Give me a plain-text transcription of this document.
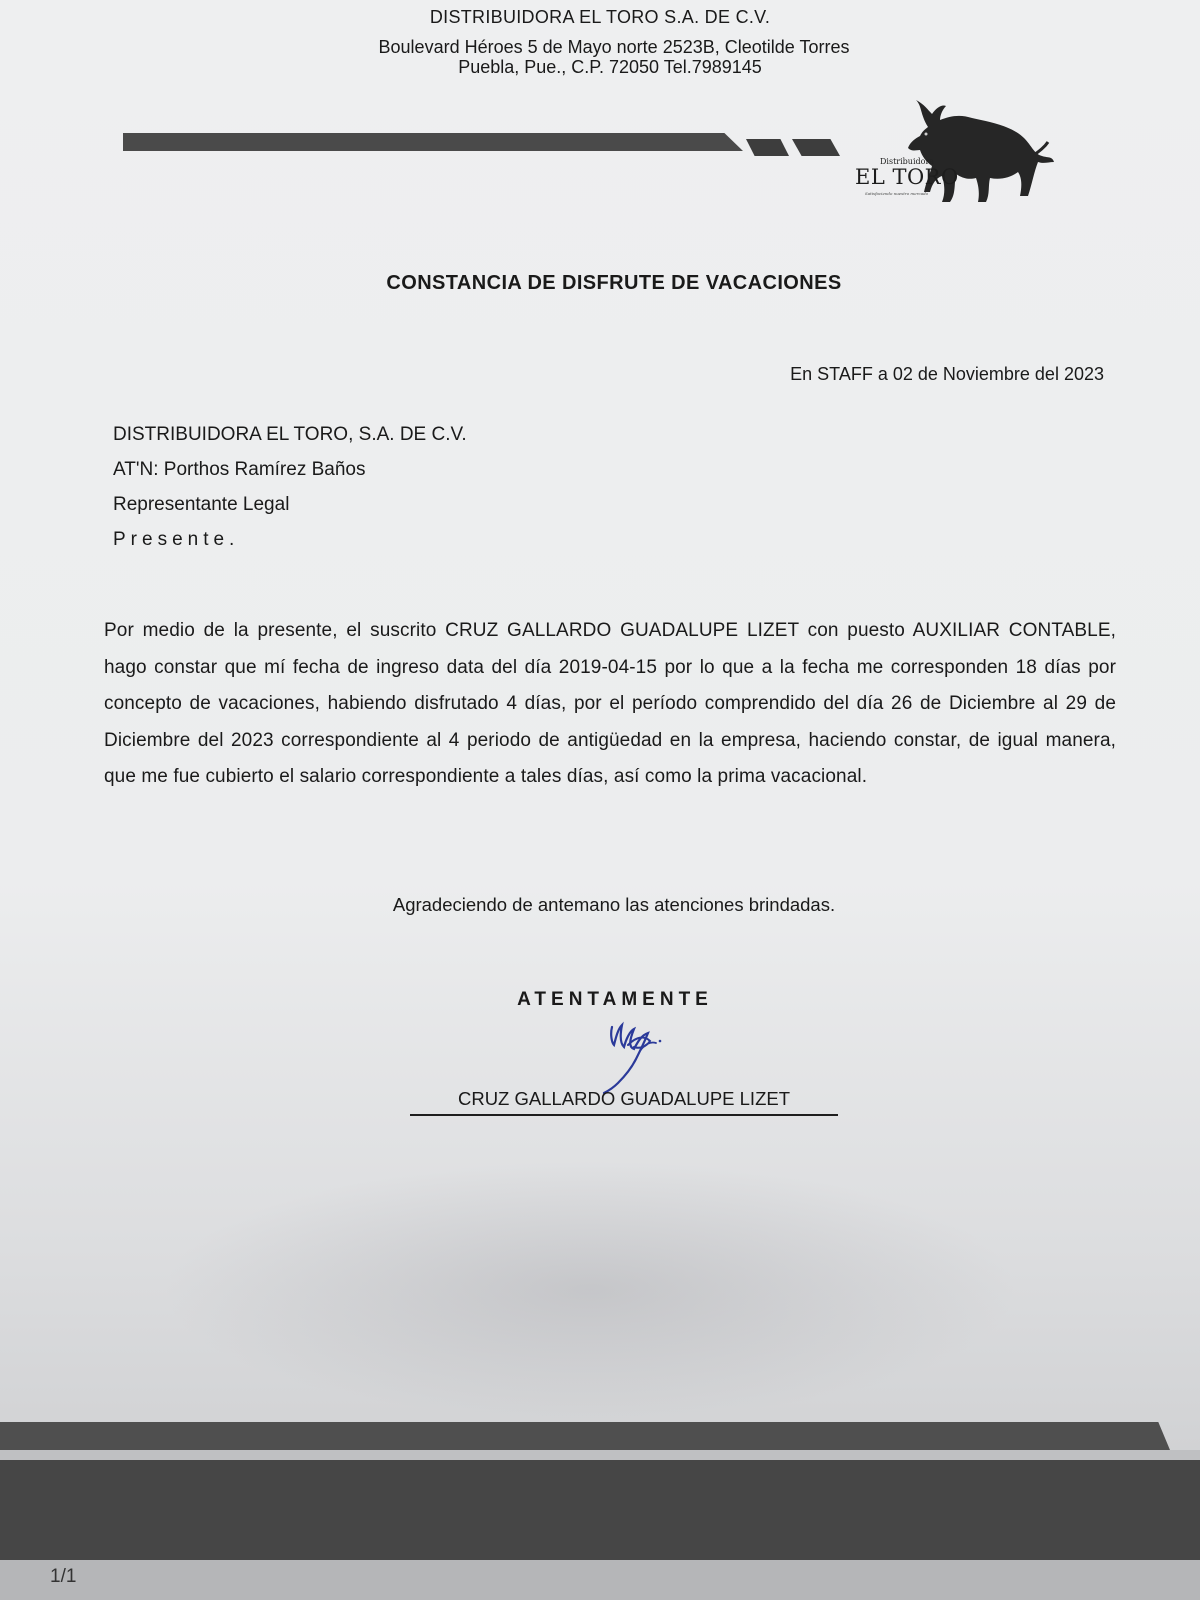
DISTRIBUIDORA EL TORO S.A. DE C.V.
Boulevard Héroes 5 de Mayo norte 2523B, Cleotilde Torres
Puebla, Pue., C.P. 72050 Tel.7989145
Distribuidora
EL TORO
Satisfaciendo nuestro mercado
CONSTANCIA DE DISFRUTE DE VACACIONES
En STAFF a 02 de Noviembre del 2023
DISTRIBUIDORA EL TORO, S.A. DE C.V.
AT'N: Porthos Ramírez Baños
Representante Legal
Presente.
Por medio de la presente, el suscrito CRUZ GALLARDO GUADALUPE LIZET con puesto AUXILIAR CONTABLE, hago constar que mí fecha de ingreso data del día 2019-04-15 por lo que a la fecha me corresponden 18 días por concepto de vacaciones, habiendo disfrutado 4 días, por el período comprendido del día 26 de Diciembre al 29 de Diciembre del 2023 correspondiente al 4 periodo de antigüedad en la empresa, haciendo constar, de igual manera, que me fue cubierto el salario correspondiente a tales días, así como la prima vacacional.
Agradeciendo de antemano las atenciones brindadas.
ATENTAMENTE
CRUZ GALLARDO GUADALUPE LIZET
1/1
